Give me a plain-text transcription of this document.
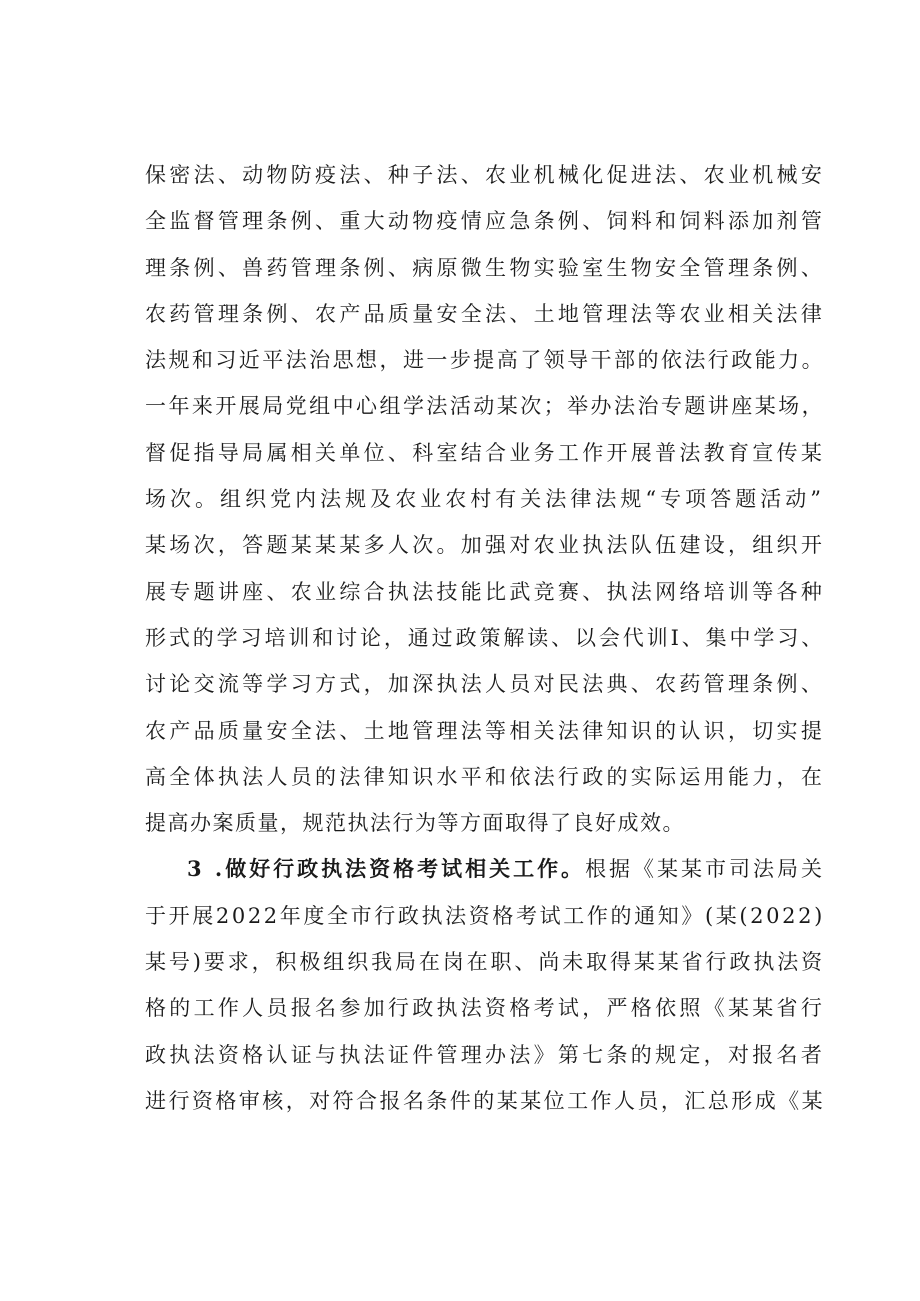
保密法、动物防疫法、种子法、农业机械化促进法、农业机械安
全监督管理条例、重大动物疫情应急条例、饲料和饲料添加剂管
理条例、兽药管理条例、病原微生物实验室生物安全管理条例、
农药管理条例、农产品质量安全法、土地管理法等农业相关法律
法规和习近平法治思想，进一步提高了领导干部的依法行政能力。
一年来开展局党组中心组学法活动某次；举办法治专题讲座某场，
督促指导局属相关单位、科室结合业务工作开展普法教育宣传某
场次。组织党内法规及农业农村有关法律法规“专项答题活动”
某场次，答题某某某多人次。加强对农业执法队伍建设，组织开
展专题讲座、农业综合执法技能比武竞赛、执法网络培训等各种
形式的学习培训和讨论，通过政策解读、以会代训Ⅰ、集中学习、
讨论交流等学习方式，加深执法人员对民法典、农药管理条例、
农产品质量安全法、土地管理法等相关法律知识的认识，切实提
高全体执法人员的法律知识水平和依法行政的实际运用能力，在
提高办案质量，规范执法行为等方面取得了良好成效。
3 .做好行政执法资格考试相关工作。根据《某某市司法局关
于开展2022年度全市行政执法资格考试工作的通知》(某(2022)
某号)要求，积极组织我局在岗在职、尚未取得某某省行政执法资
格的工作人员报名参加行政执法资格考试，严格依照《某某省行
政执法资格认证与执法证件管理办法》第七条的规定，对报名者
进行资格审核，对符合报名条件的某某位工作人员，汇总形成《某
